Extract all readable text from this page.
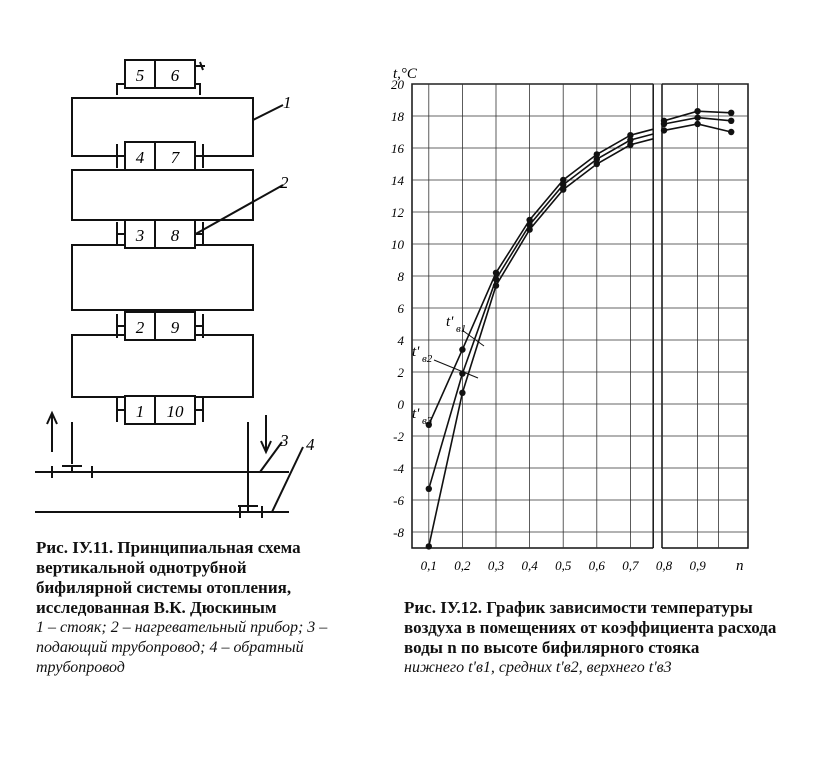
5 6
4 7
3 8
2 9
1 10
1
2
3 4
0,1 0,2 0,3 0,4 0,5 0,6 0,7 0,8 0,9
20
18
16
14
12
10
8
6
4
2
0
-2
-4
-6
-8
t,°C
n
t' в1
t' в2
t' в3
Рис. IУ.11. Принципиальная схема вертикальной однотрубной бифилярной системы отопления, исследованная В.К. Дюскиным
1 – стояк; 2 – нагревательный прибор; 3 – подающий трубопровод; 4 – обратный трубопровод
Рис. IУ.12. График зависимости температуры воздуха в помещениях от коэффициента расхода воды n по высоте бифилярного стояка
нижнего t'в1, средних t'в2, верхнего t'в3
